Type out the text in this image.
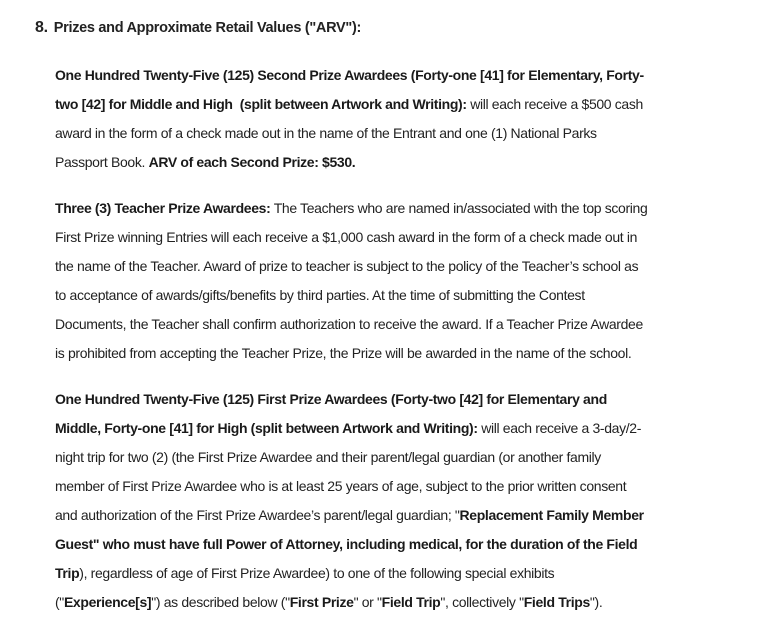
8. Prizes and Approximate Retail Values ("ARV"):
One Hundred Twenty-Five (125) Second Prize Awardees (Forty-one [41] for Elementary, Forty-
two [42] for Middle and High  (split between Artwork and Writing): will each receive a $500 cash
award in the form of a check made out in the name of the Entrant and one (1) National Parks
Passport Book. ARV of each Second Prize: $530.
Three (3) Teacher Prize Awardees: The Teachers who are named in/associated with the top scoring
First Prize winning Entries will each receive a $1,000 cash award in the form of a check made out in
the name of the Teacher. Award of prize to teacher is subject to the policy of the Teacher’s school as
to acceptance of awards/gifts/benefits by third parties. At the time of submitting the Contest
Documents, the Teacher shall confirm authorization to receive the award. If a Teacher Prize Awardee
is prohibited from accepting the Teacher Prize, the Prize will be awarded in the name of the school.
One Hundred Twenty-Five (125) First Prize Awardees (Forty-two [42] for Elementary and
Middle, Forty-one [41] for High (split between Artwork and Writing): will each receive a 3-day/2-
night trip for two (2) (the First Prize Awardee and their parent/legal guardian (or another family
member of First Prize Awardee who is at least 25 years of age, subject to the prior written consent
and authorization of the First Prize Awardee’s parent/legal guardian; "Replacement Family Member
Guest" who must have full Power of Attorney, including medical, for the duration of the Field
Trip), regardless of age of First Prize Awardee) to one of the following special exhibits
("Experience[s]") as described below ("First Prize" or "Field Trip", collectively "Field Trips").
